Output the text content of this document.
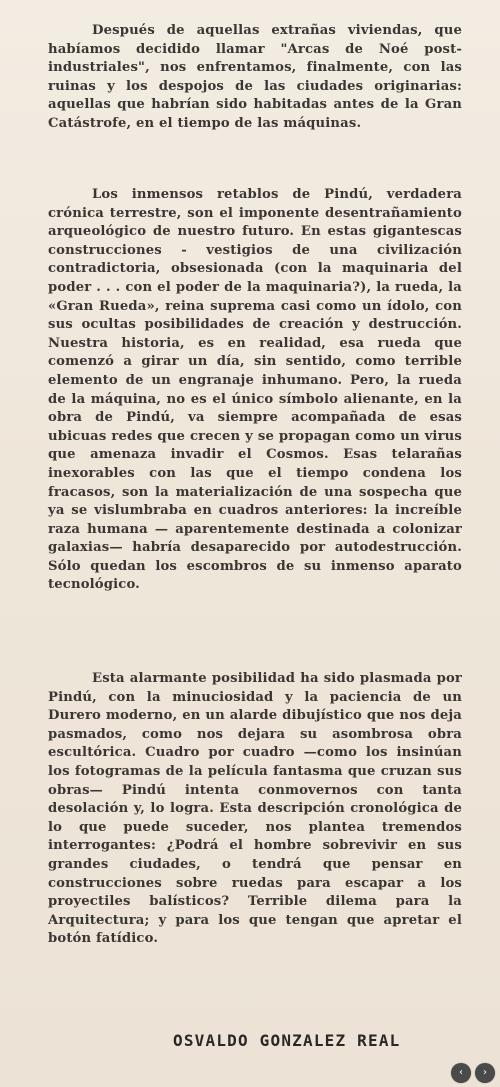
Después de aquellas extrañas viviendas, que habíamos decidido llamar "Arcas de Noé post-industriales", nos enfrentamos, finalmente, con las ruinas y los despojos de las ciudades originarias: aquellas que habrían sido habitadas antes de la Gran Catástrofe, en el tiempo de las máquinas.

Los inmensos retablos de Pindú, verdadera crónica terrestre, son el imponente desentrañamiento arqueológico de nuestro futuro. En estas gigantescas construcciones - vestigios de una civilización contradictoria, obsesionada (con la maquinaria del poder . . . con el poder de la maquinaria?), la rueda, la «Gran Rueda», reina suprema casi como un ídolo, con sus ocultas posibilidades de creación y destrucción. Nuestra historia, es en realidad, esa rueda que comenzó a girar un día, sin sentido, como terrible elemento de un engranaje inhumano. Pero, la rueda de la máquina, no es el único símbolo alienante, en la obra de Pindú, va siempre acompañada de esas ubicuas redes que crecen y se propagan como un virus que amenaza invadir el Cosmos. Esas telarañas inexorables con las que el tiempo condena los fracasos, son la materialización de una sospecha que ya se vislumbraba en cuadros anteriores: la increíble raza humana — aparentemente destinada a colonizar galaxias— habría desaparecido por autodestrucción. Sólo quedan los escombros de su inmenso aparato tecnológico.

Esta alarmante posibilidad ha sido plasmada por Pindú, con la minuciosidad y la paciencia de un Durero moderno, en un alarde dibujístico que nos deja pasmados, como nos dejara su asombrosa obra escultórica. Cuadro por cuadro —como los insinúan los fotogramas de la película fantasma que cruzan sus obras— Pindú intenta conmovernos con tanta desolación y, lo logra. Esta descripción cronológica de lo que puede suceder, nos plantea tremendos interrogantes: ¿Podrá el hombre sobrevivir en sus grandes ciudades, o tendrá que pensar en construcciones sobre ruedas para escapar a los proyectiles balísticos? Terrible dilema para la Arquitectura; y para los que tengan que apretar el botón fatídico.

OSVALDO GONZALEZ REAL
‹	›
